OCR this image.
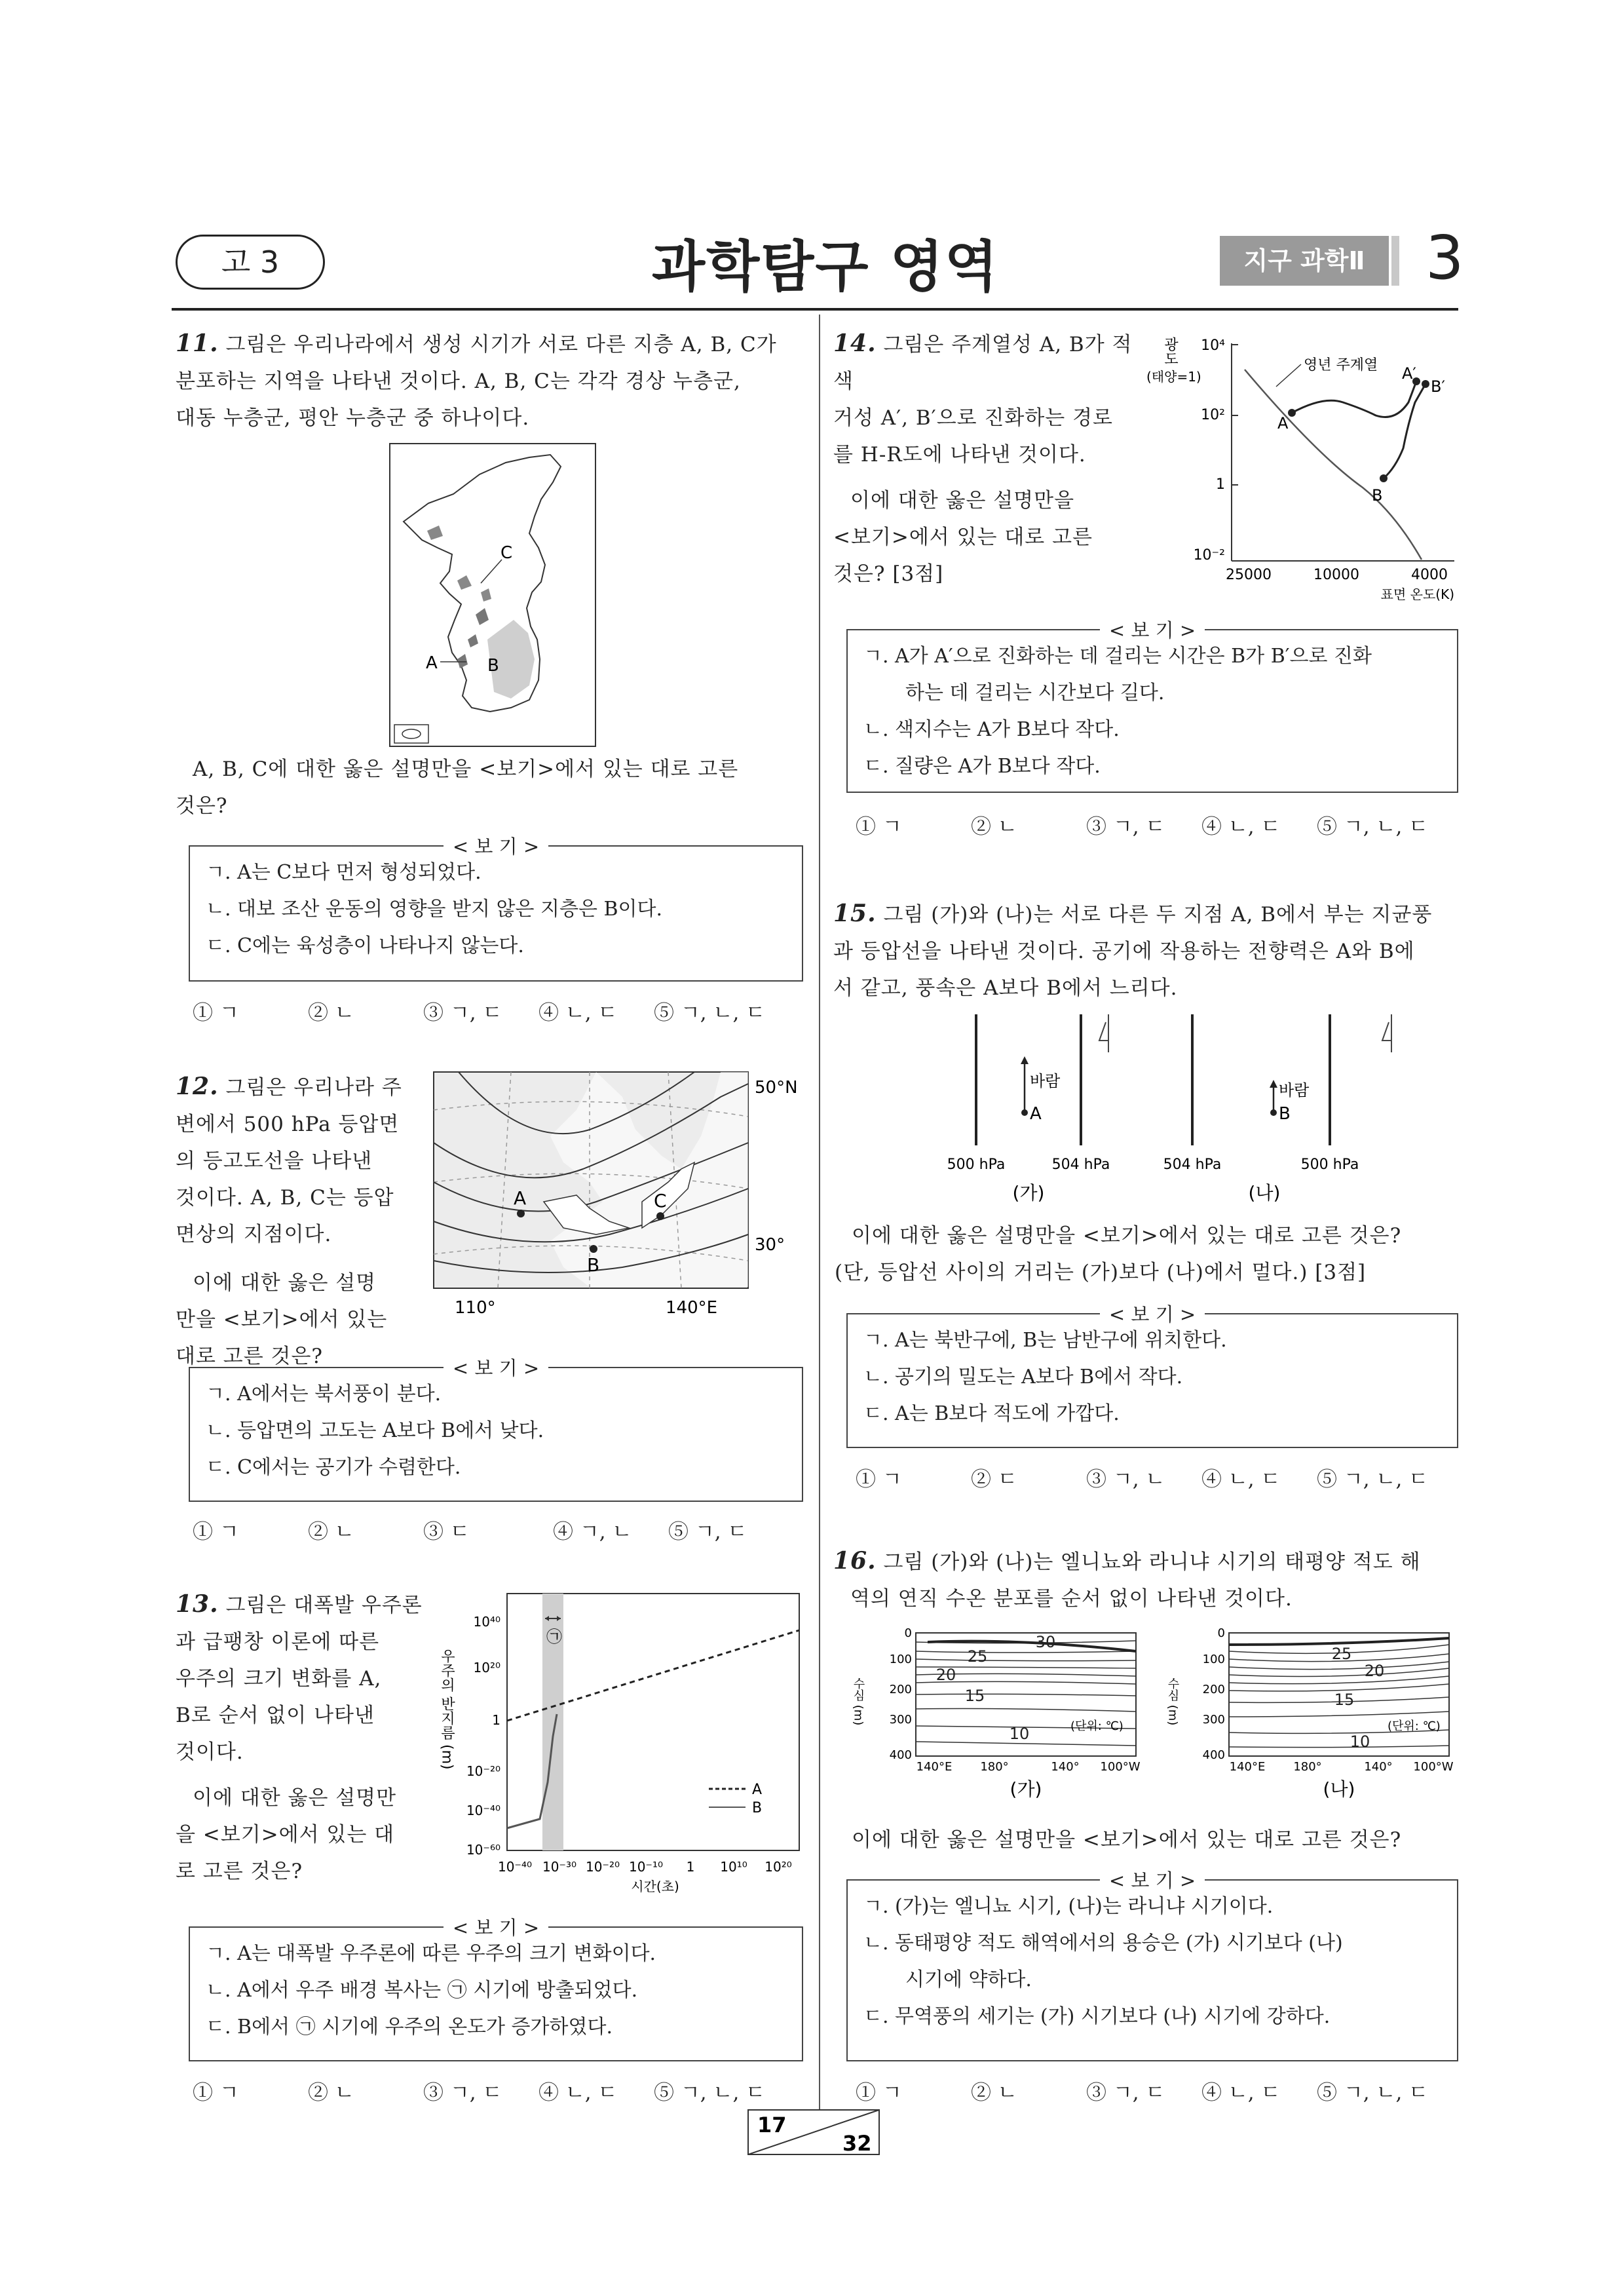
고 3	과학탐구 영역	지구 과학Ⅱ	3
11. 그림은 우리나라에서 생성 시기가 서로 다른 지층 A, B, C가
분포하는 지역을 나타낸 것이다. A, B, C는 각각 경상 누층군,
대동 누층군, 평안 누층군 중 하나이다.
C
A	B
A, B, C에 대한 옳은 설명만을 <보기>에서 있는 대로 고른
것은?
< 보 기 >
ㄱ. A는 C보다 먼저 형성되었다.
ㄴ. 대보 조산 운동의 영향을 받지 않은 지층은 B이다.
ㄷ. C에는 육성층이 나타나지 않는다.
① ㄱ	② ㄴ	③ ㄱ, ㄷ	④ ㄴ, ㄷ	⑤ ㄱ, ㄴ, ㄷ
12. 그림은 우리나라 주
변에서 500 hPa 등압면
의 등고도선을 나타낸
것이다. A, B, C는 등압
면상의 지점이다.
이에 대한 옳은 설명
만을 <보기>에서 있는
대로 고른 것은?
A
B
C
50°N
30°
110°	140°E
< 보 기 >
ㄱ. A에서는 북서풍이 분다.
ㄴ. 등압면의 고도는 A보다 B에서 낮다.
ㄷ. C에서는 공기가 수렴한다.
① ㄱ	② ㄴ	③ ㄷ	④ ㄱ, ㄴ	⑤ ㄱ, ㄷ
13. 그림은 대폭발 우주론
과 급팽창 이론에 따른
우주의 크기 변화를 A,
B로 순서 없이 나타낸
것이다.
이에 대한 옳은 설명만
을 <보기>에서 있는 대
로 고른 것은?
㉠
10⁴⁰
10²⁰
1
10⁻²⁰
10⁻⁴⁰
10⁻⁶⁰
10⁻⁴⁰ 10⁻³⁰ 10⁻²⁰ 10⁻¹⁰ 1 10¹⁰ 10²⁰
시간(초)
우주의 반지름 (m)
A
B
< 보 기 >
ㄱ. A는 대폭발 우주론에 따른 우주의 크기 변화이다.
ㄴ. A에서 우주 배경 복사는 ㉠ 시기에 방출되었다.
ㄷ. B에서 ㉠ 시기에 우주의 온도가 증가하였다.
① ㄱ	② ㄴ	③ ㄱ, ㄷ	④ ㄴ, ㄷ	⑤ ㄱ, ㄴ, ㄷ
14. 그림은 주계열성 A, B가 적색
거성 A′, B′으로 진화하는 경로
를 H-R도에 나타낸 것이다.
이에 대한 옳은 설명만을
<보기>에서 있는 대로 고른
것은? [3점]
광도
(태양=1)
10⁴
10²
1
10⁻²
25000	10000	4000
표면 온도(K)
영년 주계열
A
B
A′
B′
< 보 기 >
ㄱ. A가 A′으로 진화하는 데 걸리는 시간은 B가 B′으로 진화
하는 데 걸리는 시간보다 길다.
ㄴ. 색지수는 A가 B보다 작다.
ㄷ. 질량은 A가 B보다 작다.
① ㄱ	② ㄴ	③ ㄱ, ㄷ	④ ㄴ, ㄷ	⑤ ㄱ, ㄴ, ㄷ
15. 그림 (가)와 (나)는 서로 다른 두 지점 A, B에서 부는 지균풍
과 등압선을 나타낸 것이다. 공기에 작용하는 전향력은 A와 B에
서 같고, 풍속은 A보다 B에서 느리다.
바람
A
바람
B
500 hPa	504 hPa	504 hPa	500 hPa
(가)	(나)
이에 대한 옳은 설명만을 <보기>에서 있는 대로 고른 것은?
(단, 등압선 사이의 거리는 (가)보다 (나)에서 멀다.) [3점]
< 보 기 >
ㄱ. A는 북반구에, B는 남반구에 위치한다.
ㄴ. 공기의 밀도는 A보다 B에서 작다.
ㄷ. A는 B보다 적도에 가깝다.
① ㄱ	② ㄷ	③ ㄱ, ㄴ	④ ㄴ, ㄷ	⑤ ㄱ, ㄴ, ㄷ
16. 그림 (가)와 (나)는 엘니뇨와 라니냐 시기의 태평양 적도 해
역의 연직 수온 분포를 순서 없이 나타낸 것이다.
30
25
20
15
10	(단위: ℃)
0
100
200
300
400
수심 (m)
140°E 180°	140° 100°W
(가)
25
20
15
10
(단위: ℃)
0
100
200
300
400
수심 (m)
140°E 180°	140° 100°W
(나)
이에 대한 옳은 설명만을 <보기>에서 있는 대로 고른 것은?
< 보 기 >
ㄱ. (가)는 엘니뇨 시기, (나)는 라니냐 시기이다.
ㄴ. 동태평양 적도 해역에서의 용승은 (가) 시기보다 (나)
시기에 약하다.
ㄷ. 무역풍의 세기는 (가) 시기보다 (나) 시기에 강하다.
① ㄱ	② ㄴ	③ ㄱ, ㄷ	④ ㄴ, ㄷ	⑤ ㄱ, ㄴ, ㄷ
17
32
